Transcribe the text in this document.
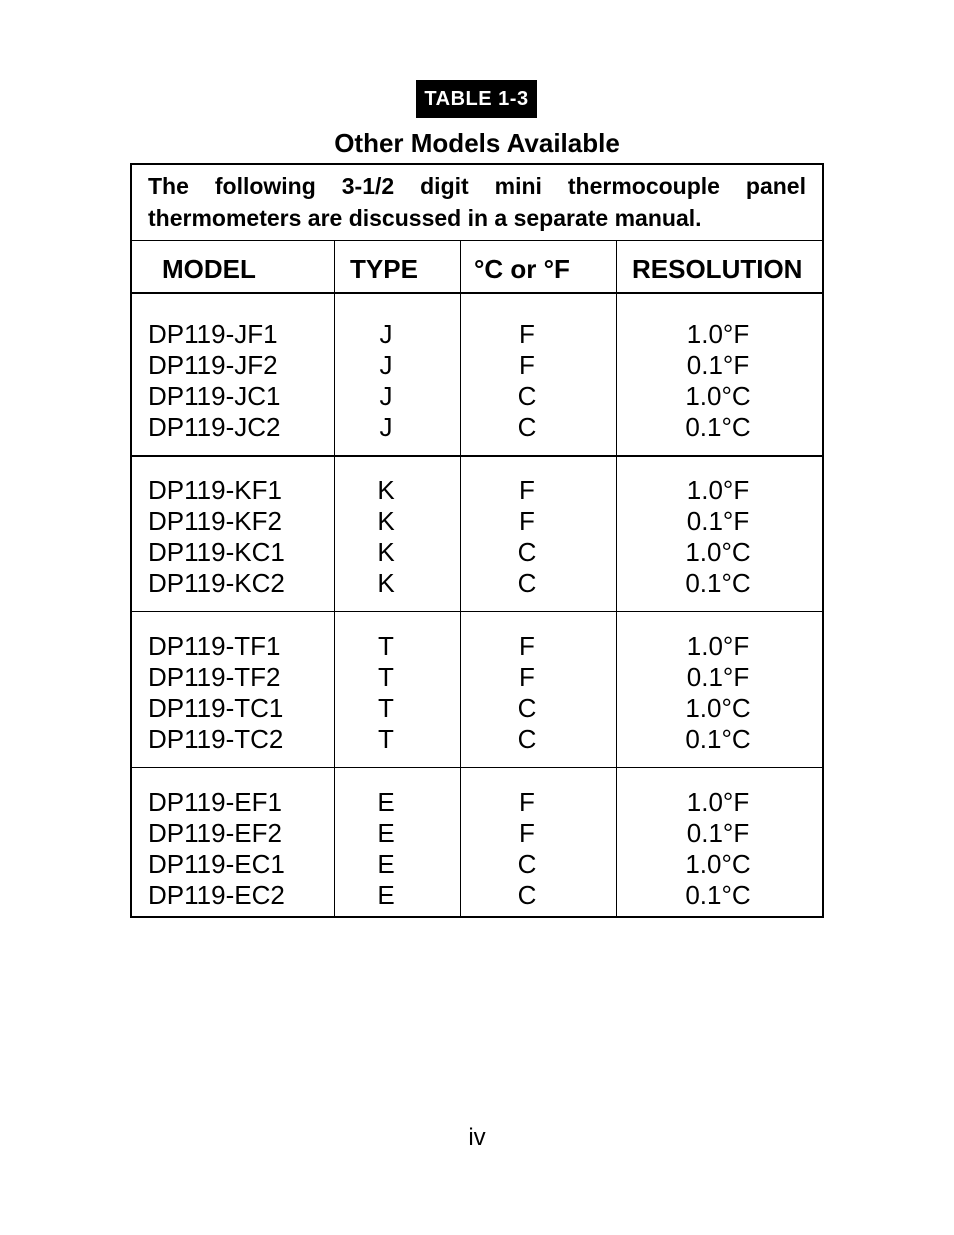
TABLE 1-3
Other Models Available
The following 3-1/2 digit mini thermocouple panel thermometers are discussed in a separate manual.
MODEL	TYPE °C or °F RESOLUTION
DP119-JF1
DP119-JF2
DP119-JC1
DP119-JC2
J
J
J
J
F
F
C
C
1.0°F
0.1°F
1.0°C
0.1°C
DP119-KF1
DP119-KF2
DP119-KC1
DP119-KC2
K
K
K
K
F
F
C
C
1.0°F
0.1°F
1.0°C
0.1°C
DP119-TF1
DP119-TF2
DP119-TC1
DP119-TC2
T
T
T
T
F
F
C
C
1.0°F
0.1°F
1.0°C
0.1°C
DP119-EF1
DP119-EF2
DP119-EC1
DP119-EC2
E
E
E
E
F
F
C
C
1.0°F
0.1°F
1.0°C
0.1°C
iv
